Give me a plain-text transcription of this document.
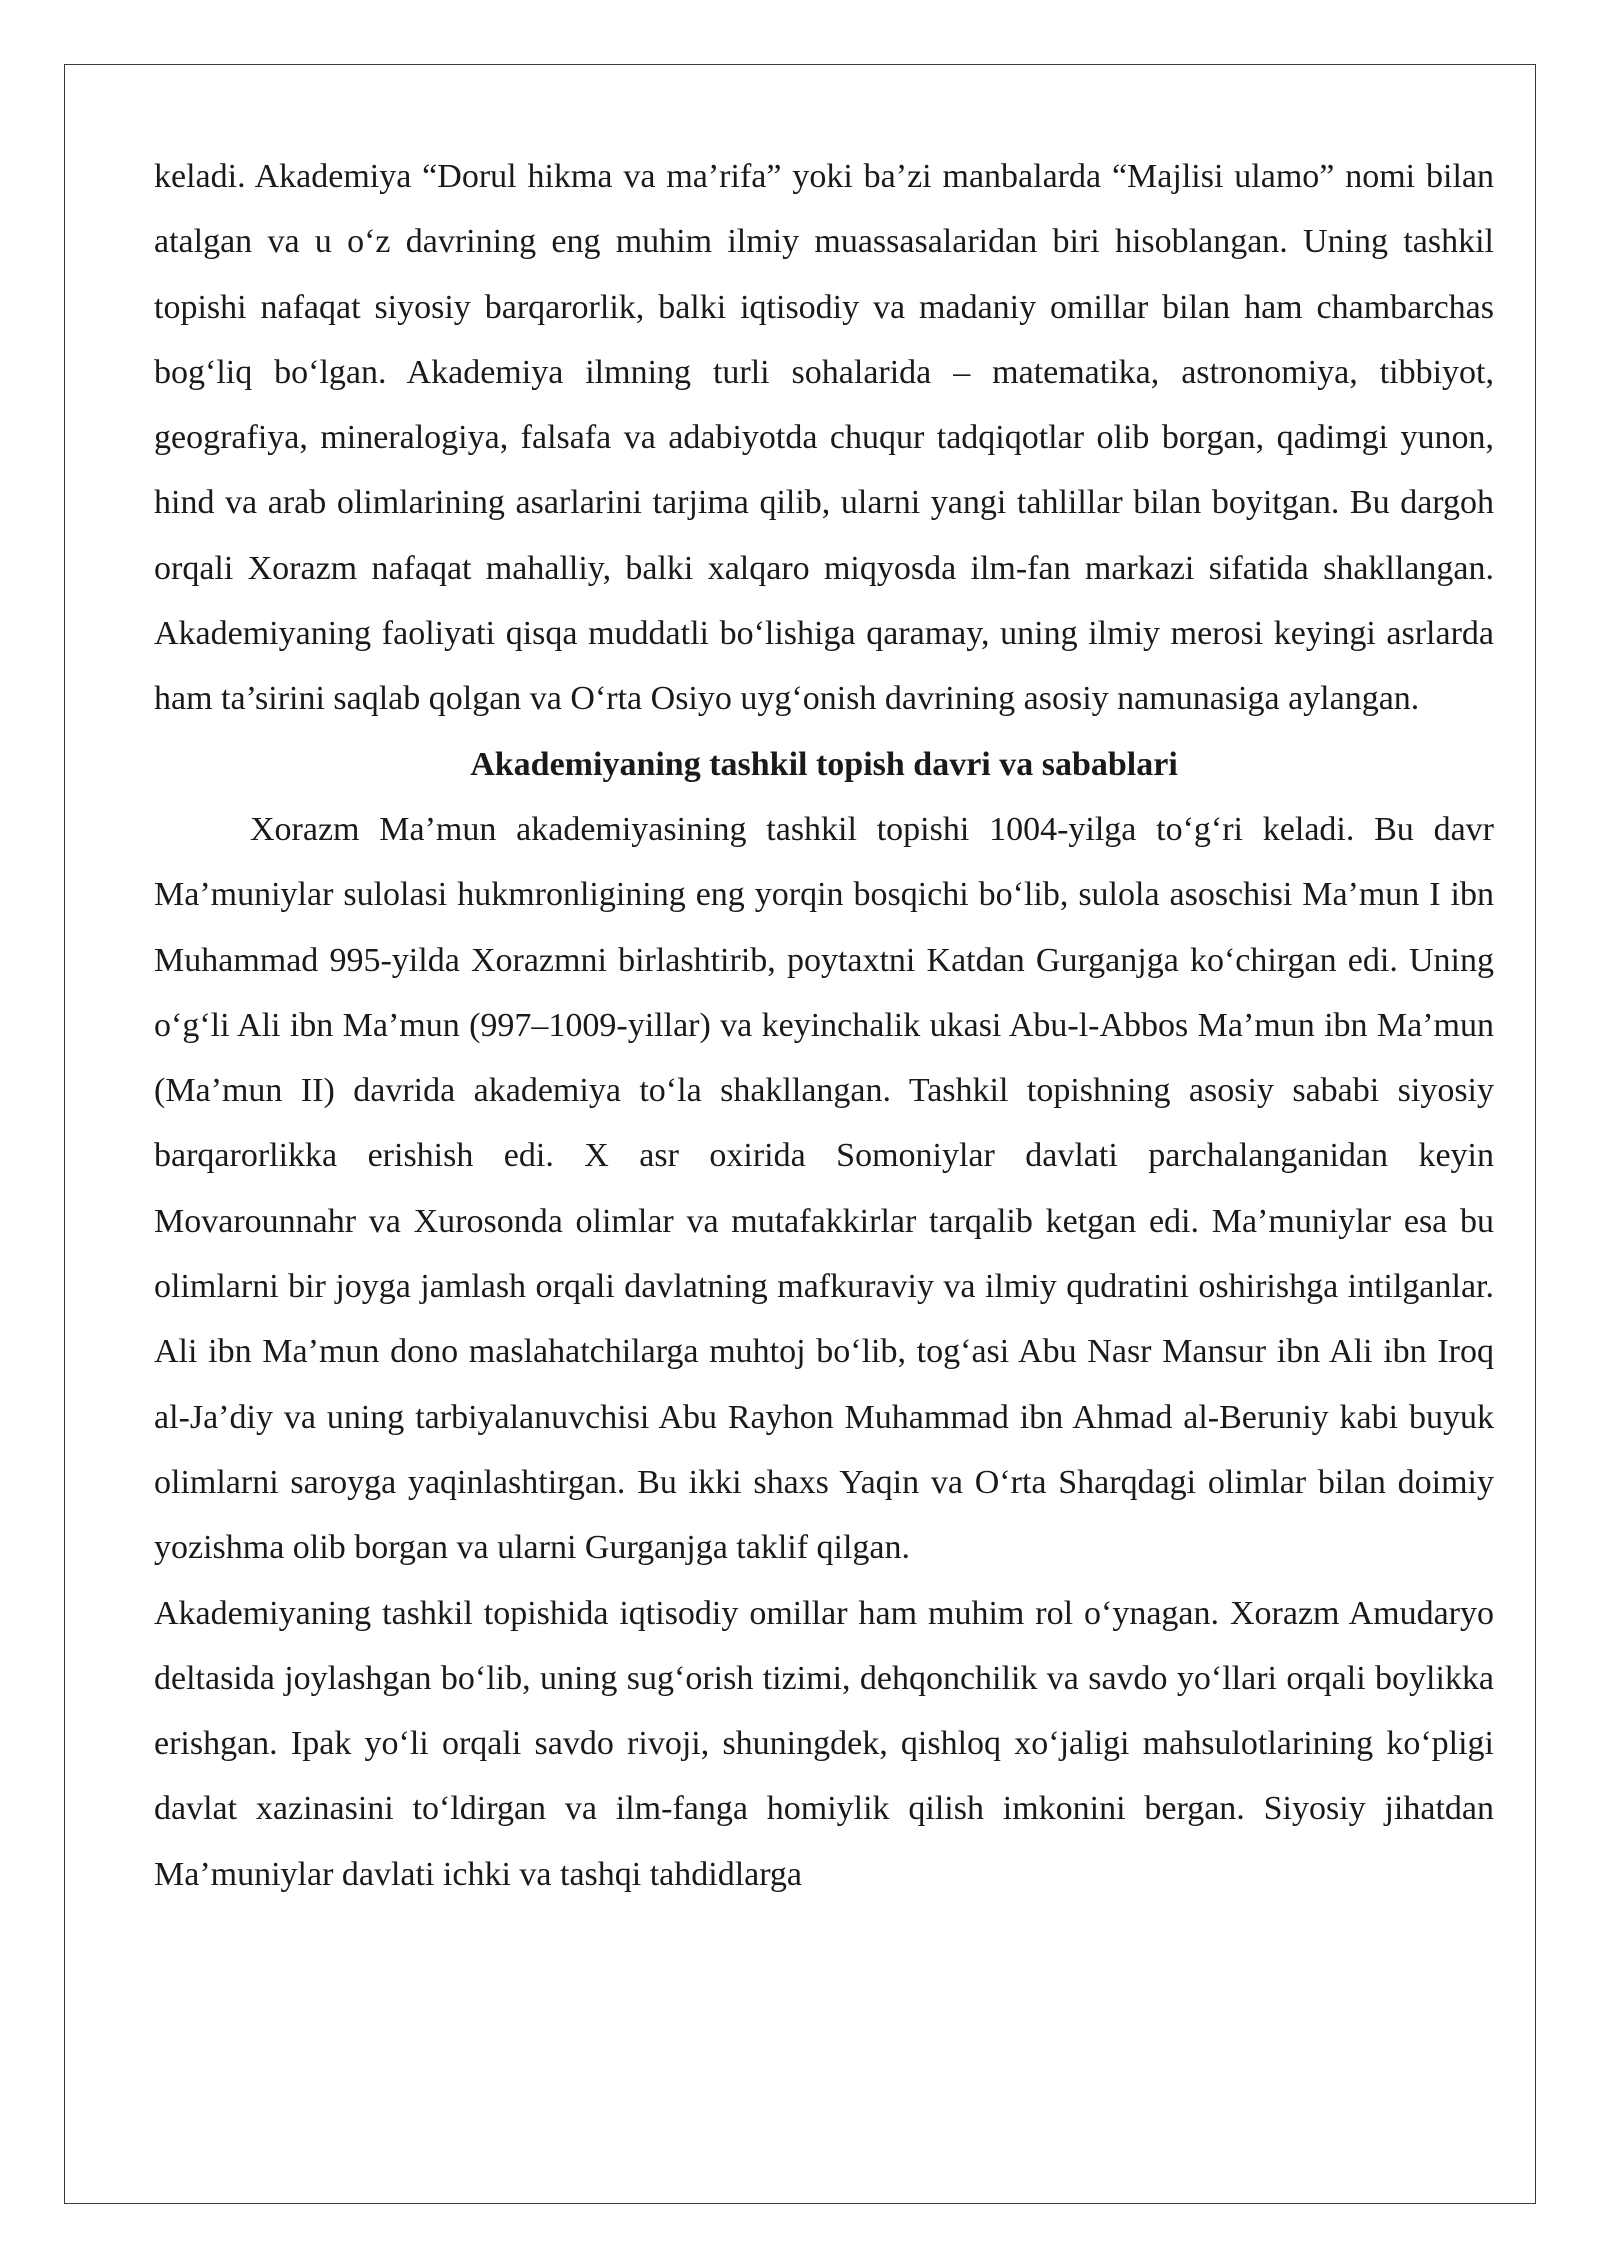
keladi. Akademiya “Dorul hikma va ma’rifa” yoki ba’zi manbalarda “Majlisi ulamo” nomi bilan atalgan va u o‘z davrining eng muhim ilmiy muassasalaridan biri hisoblangan. Uning tashkil topishi nafaqat siyosiy barqarorlik, balki iqtisodiy va madaniy omillar bilan ham chambarchas bog‘liq bo‘lgan. Akademiya ilmning turli sohalarida – matematika, astronomiya, tibbiyot, geografiya, mineralogiya, falsafa va adabiyotda chuqur tadqiqotlar olib borgan, qadimgi yunon, hind va arab olimlarining asarlarini tarjima qilib, ularni yangi tahlillar bilan boyitgan. Bu dargoh orqali Xorazm nafaqat mahalliy, balki xalqaro miqyosda ilm-fan markazi sifatida shakllangan. Akademiyaning faoliyati qisqa muddatli bo‘lishiga qaramay, uning ilmiy merosi keyingi asrlarda ham ta’sirini saqlab qolgan va O‘rta Osiyo uyg‘onish davrining asosiy namunasiga aylangan.

Akademiyaning tashkil topish davri va sabablari

Xorazm Ma’mun akademiyasining tashkil topishi 1004-yilga to‘g‘ri keladi. Bu davr Ma’muniylar sulolasi hukmronligining eng yorqin bosqichi bo‘lib, sulola asoschisi Ma’mun I ibn Muhammad 995-yilda Xorazmni birlashtirib, poytaxtni Katdan Gurganjga ko‘chirgan edi. Uning o‘g‘li Ali ibn Ma’mun (997–1009-yillar) va keyinchalik ukasi Abu-l-Abbos Ma’mun ibn Ma’mun (Ma’mun II) davrida akademiya to‘la shakllangan. Tashkil topishning asosiy sababi siyosiy barqarorlikka erishish edi. X asr oxirida Somoniylar davlati parchalanganidan keyin Movarounnahr va Xurosonda olimlar va mutafakkirlar tarqalib ketgan edi. Ma’muniylar esa bu olimlarni bir joyga jamlash orqali davlatning mafkuraviy va ilmiy qudratini oshirishga intilganlar. Ali ibn Ma’mun dono maslahatchilarga muhtoj bo‘lib, tog‘asi Abu Nasr Mansur ibn Ali ibn Iroq al-Ja’diy va uning tarbiyalanuvchisi Abu Rayhon Muhammad ibn Ahmad al-Beruniy kabi buyuk olimlarni saroyga yaqinlashtirgan. Bu ikki shaxs Yaqin va O‘rta Sharqdagi olimlar bilan doimiy yozishma olib borgan va ularni Gurganjga taklif qilgan.

Akademiyaning tashkil topishida iqtisodiy omillar ham muhim rol o‘ynagan. Xorazm Amudaryo deltasida joylashgan bo‘lib, uning sug‘orish tizimi, dehqonchilik va savdo yo‘llari orqali boylikka erishgan. Ipak yo‘li orqali savdo rivoji, shuningdek, qishloq xo‘jaligi mahsulotlarining ko‘pligi davlat xazinasini to‘ldirgan va ilm-fanga homiylik qilish imkonini bergan. Siyosiy jihatdan Ma’muniylar davlati ichki va tashqi tahdidlarga
